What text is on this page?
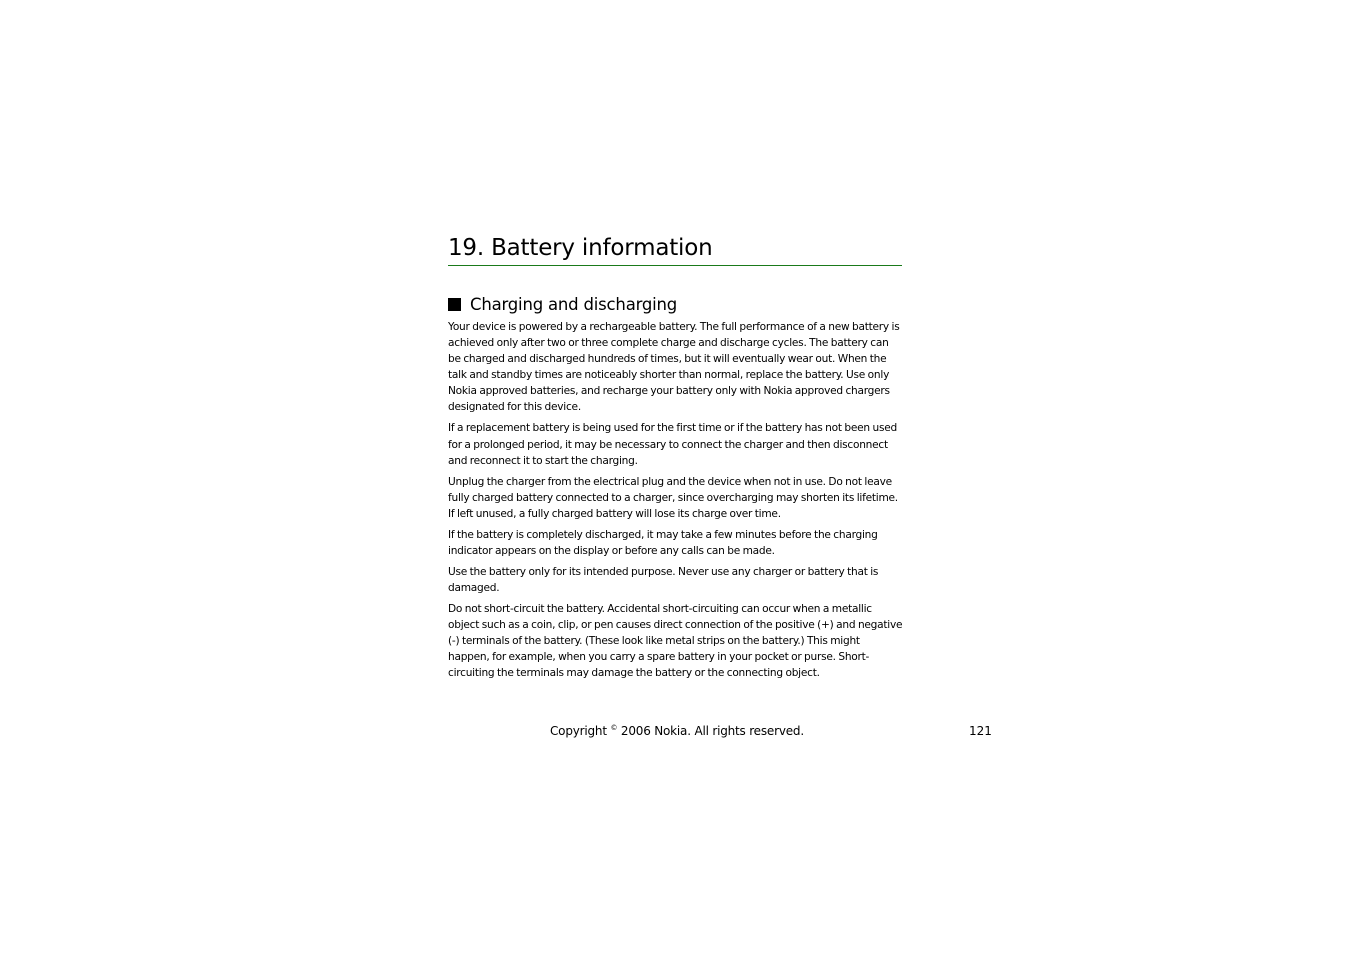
19. Battery information
Charging and discharging

Your device is powered by a rechargeable battery. The full performance of a new battery is achieved only after two or three complete charge and discharge cycles. The battery can be charged and discharged hundreds of times, but it will eventually wear out. When the talk and standby times are noticeably shorter than normal, replace the battery. Use only Nokia approved batteries, and recharge your battery only with Nokia approved chargers designated for this device.

If a replacement battery is being used for the first time or if the battery has not been used for a prolonged period, it may be necessary to connect the charger and then disconnect and reconnect it to start the charging.

Unplug the charger from the electrical plug and the device when not in use. Do not leave fully charged battery connected to a charger, since overcharging may shorten its lifetime. If left unused, a fully charged battery will lose its charge over time.

If the battery is completely discharged, it may take a few minutes before the charging indicator appears on the display or before any calls can be made.

Use the battery only for its intended purpose. Never use any charger or battery that is damaged.

Do not short-circuit the battery. Accidental short-circuiting can occur when a metallic object such as a coin, clip, or pen causes direct connection of the positive (+) and negative (-) terminals of the battery. (These look like metal strips on the battery.) This might happen, for example, when you carry a spare battery in your pocket or purse. Short-circuiting the terminals may damage the battery or the connecting object.

Copyright © 2006 Nokia. All rights reserved.	121
